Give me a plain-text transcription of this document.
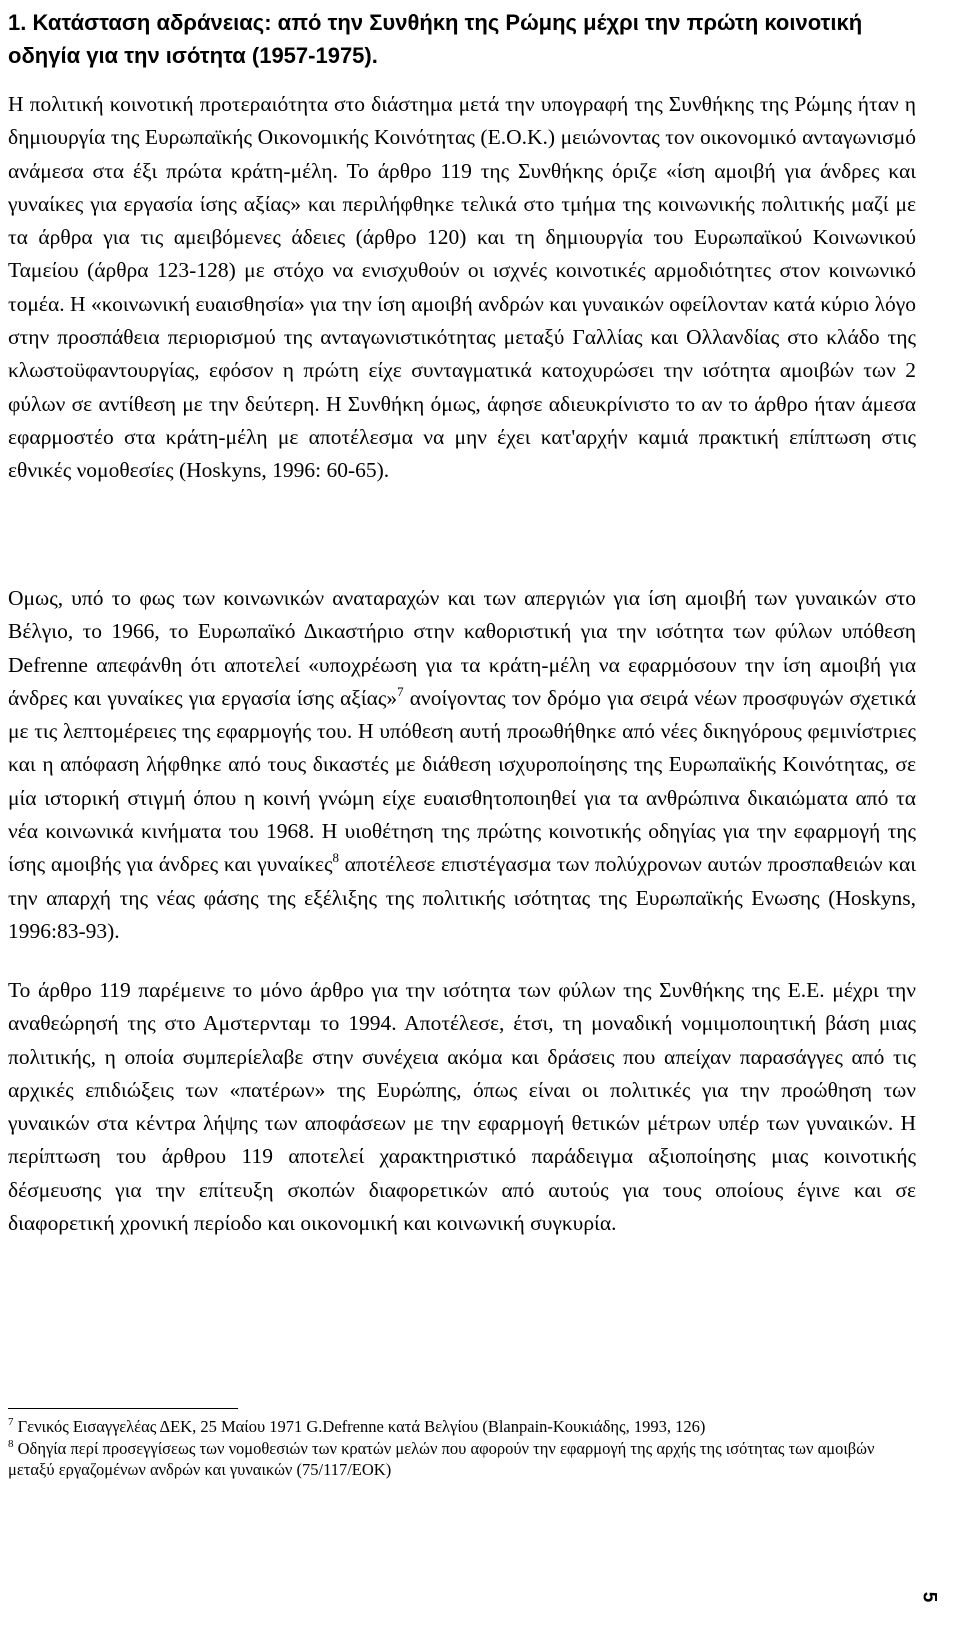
1. Κατάσταση αδράνειας: από την Συνθήκη της Ρώμης μέχρι την πρώτη κοινοτική οδηγία για την ισότητα (1957-1975).

Η πολιτική κοινοτική προτεραιότητα στο διάστημα μετά την υπογραφή της Συνθήκης της Ρώμης ήταν η δημιουργία της Ευρωπαϊκής Οικονομικής Κοινότητας (Ε.Ο.Κ.) μειώνοντας τον οικονομικό ανταγωνισμό ανάμεσα στα έξι πρώτα κράτη-μέλη. Το άρθρο 119 της Συνθήκης όριζε «ίση αμοιβή για άνδρες και γυναίκες για εργασία ίσης αξίας» και περιλήφθηκε τελικά στο τμήμα της κοινωνικής πολιτικής μαζί με τα άρθρα για τις αμειβόμενες άδειες (άρθρο 120) και τη δημιουργία του Ευρωπαϊκού Κοινωνικού Ταμείου (άρθρα 123-128) με στόχο να ενισχυθούν οι ισχνές κοινοτικές αρμοδιότητες στον κοινωνικό τομέα. Η «κοινωνική ευαισθησία» για την ίση αμοιβή ανδρών και γυναικών οφείλονταν κατά κύριο λόγο στην προσπάθεια περιορισμού της ανταγωνιστικότητας μεταξύ Γαλλίας και Ολλανδίας στο κλάδο της κλωστοϋφαντουργίας, εφόσον η πρώτη είχε συνταγματικά κατοχυρώσει την ισότητα αμοιβών των 2 φύλων σε αντίθεση με την δεύτερη. Η Συνθήκη όμως, άφησε αδιευκρίνιστο το αν το άρθρο ήταν άμεσα εφαρμοστέο στα κράτη-μέλη με αποτέλεσμα να μην έχει κατ'αρχήν καμιά πρακτική επίπτωση στις εθνικές νομοθεσίες (Hoskyns, 1996: 60-65).

Ομως, υπό το φως των κοινωνικών αναταραχών και των απεργιών για ίση αμοιβή των γυναικών στο Βέλγιο, το 1966, το Ευρωπαϊκό Δικαστήριο στην καθοριστική για την ισότητα των φύλων υπόθεση Defrenne απεφάνθη ότι αποτελεί «υποχρέωση για τα κράτη-μέλη να εφαρμόσουν την ίση αμοιβή για άνδρες και γυναίκες για εργασία ίσης αξίας»$^7$ ανοίγοντας τον δρόμο για σειρά νέων προσφυγών σχετικά με τις λεπτομέρειες της εφαρμογής του. Η υπόθεση αυτή προωθήθηκε από νέες δικηγόρους φεμινίστριες και η απόφαση λήφθηκε από τους δικαστές με διάθεση ισχυροποίησης της Ευρωπαϊκής Κοινότητας, σε μία ιστορική στιγμή όπου η κοινή γνώμη είχε ευαισθητοποιηθεί για τα ανθρώπινα δικαιώματα από τα νέα κοινωνικά κινήματα του 1968. Η υιοθέτηση της πρώτης κοινοτικής οδηγίας για την εφαρμογή της ίσης αμοιβής για άνδρες και γυναίκες$^8$ αποτέλεσε επιστέγασμα των πολύχρονων αυτών προσπαθειών και την απαρχή της νέας φάσης της εξέλιξης της πολιτικής ισότητας της Ευρωπαϊκής Ενωσης (Hoskyns, 1996:83-93).

Το άρθρο 119 παρέμεινε το μόνο άρθρο για την ισότητα των φύλων της Συνθήκης της Ε.Ε. μέχρι την αναθεώρησή της στο Αμστερνταμ το 1994. Αποτέλεσε, έτσι, τη μοναδική νομιμοποιητική βάση μιας πολιτικής, η οποία συμπερίελαβε στην συνέχεια ακόμα και δράσεις που απείχαν παρασάγγες από τις αρχικές επιδιώξεις των «πατέρων» της Ευρώπης, όπως είναι οι πολιτικές για την προώθηση των γυναικών στα κέντρα λήψης των αποφάσεων με την εφαρμογή θετικών μέτρων υπέρ των γυναικών. Η περίπτωση του άρθρου 119 αποτελεί χαρακτηριστικό παράδειγμα αξιοποίησης μιας κοινοτικής δέσμευσης για την επίτευξη σκοπών διαφορετικών από αυτούς για τους οποίους έγινε και σε διαφορετική χρονική περίοδο και οικονομική και κοινωνική συγκυρία.

$^7$ Γενικός Εισαγγελέας ΔΕΚ, 25 Μαίου 1971 G.Defrenne κατά Βελγίου (Blanpain-Κουκιάδης, 1993, 126)

$^8$ Οδηγία περί προσεγγίσεως των νομοθεσιών των κρατών μελών που αφορούν την εφαρμογή της αρχής της ισότητας των αμοιβών μεταξύ εργαζομένων ανδρών και γυναικών (75/117/ΕΟΚ)

5
